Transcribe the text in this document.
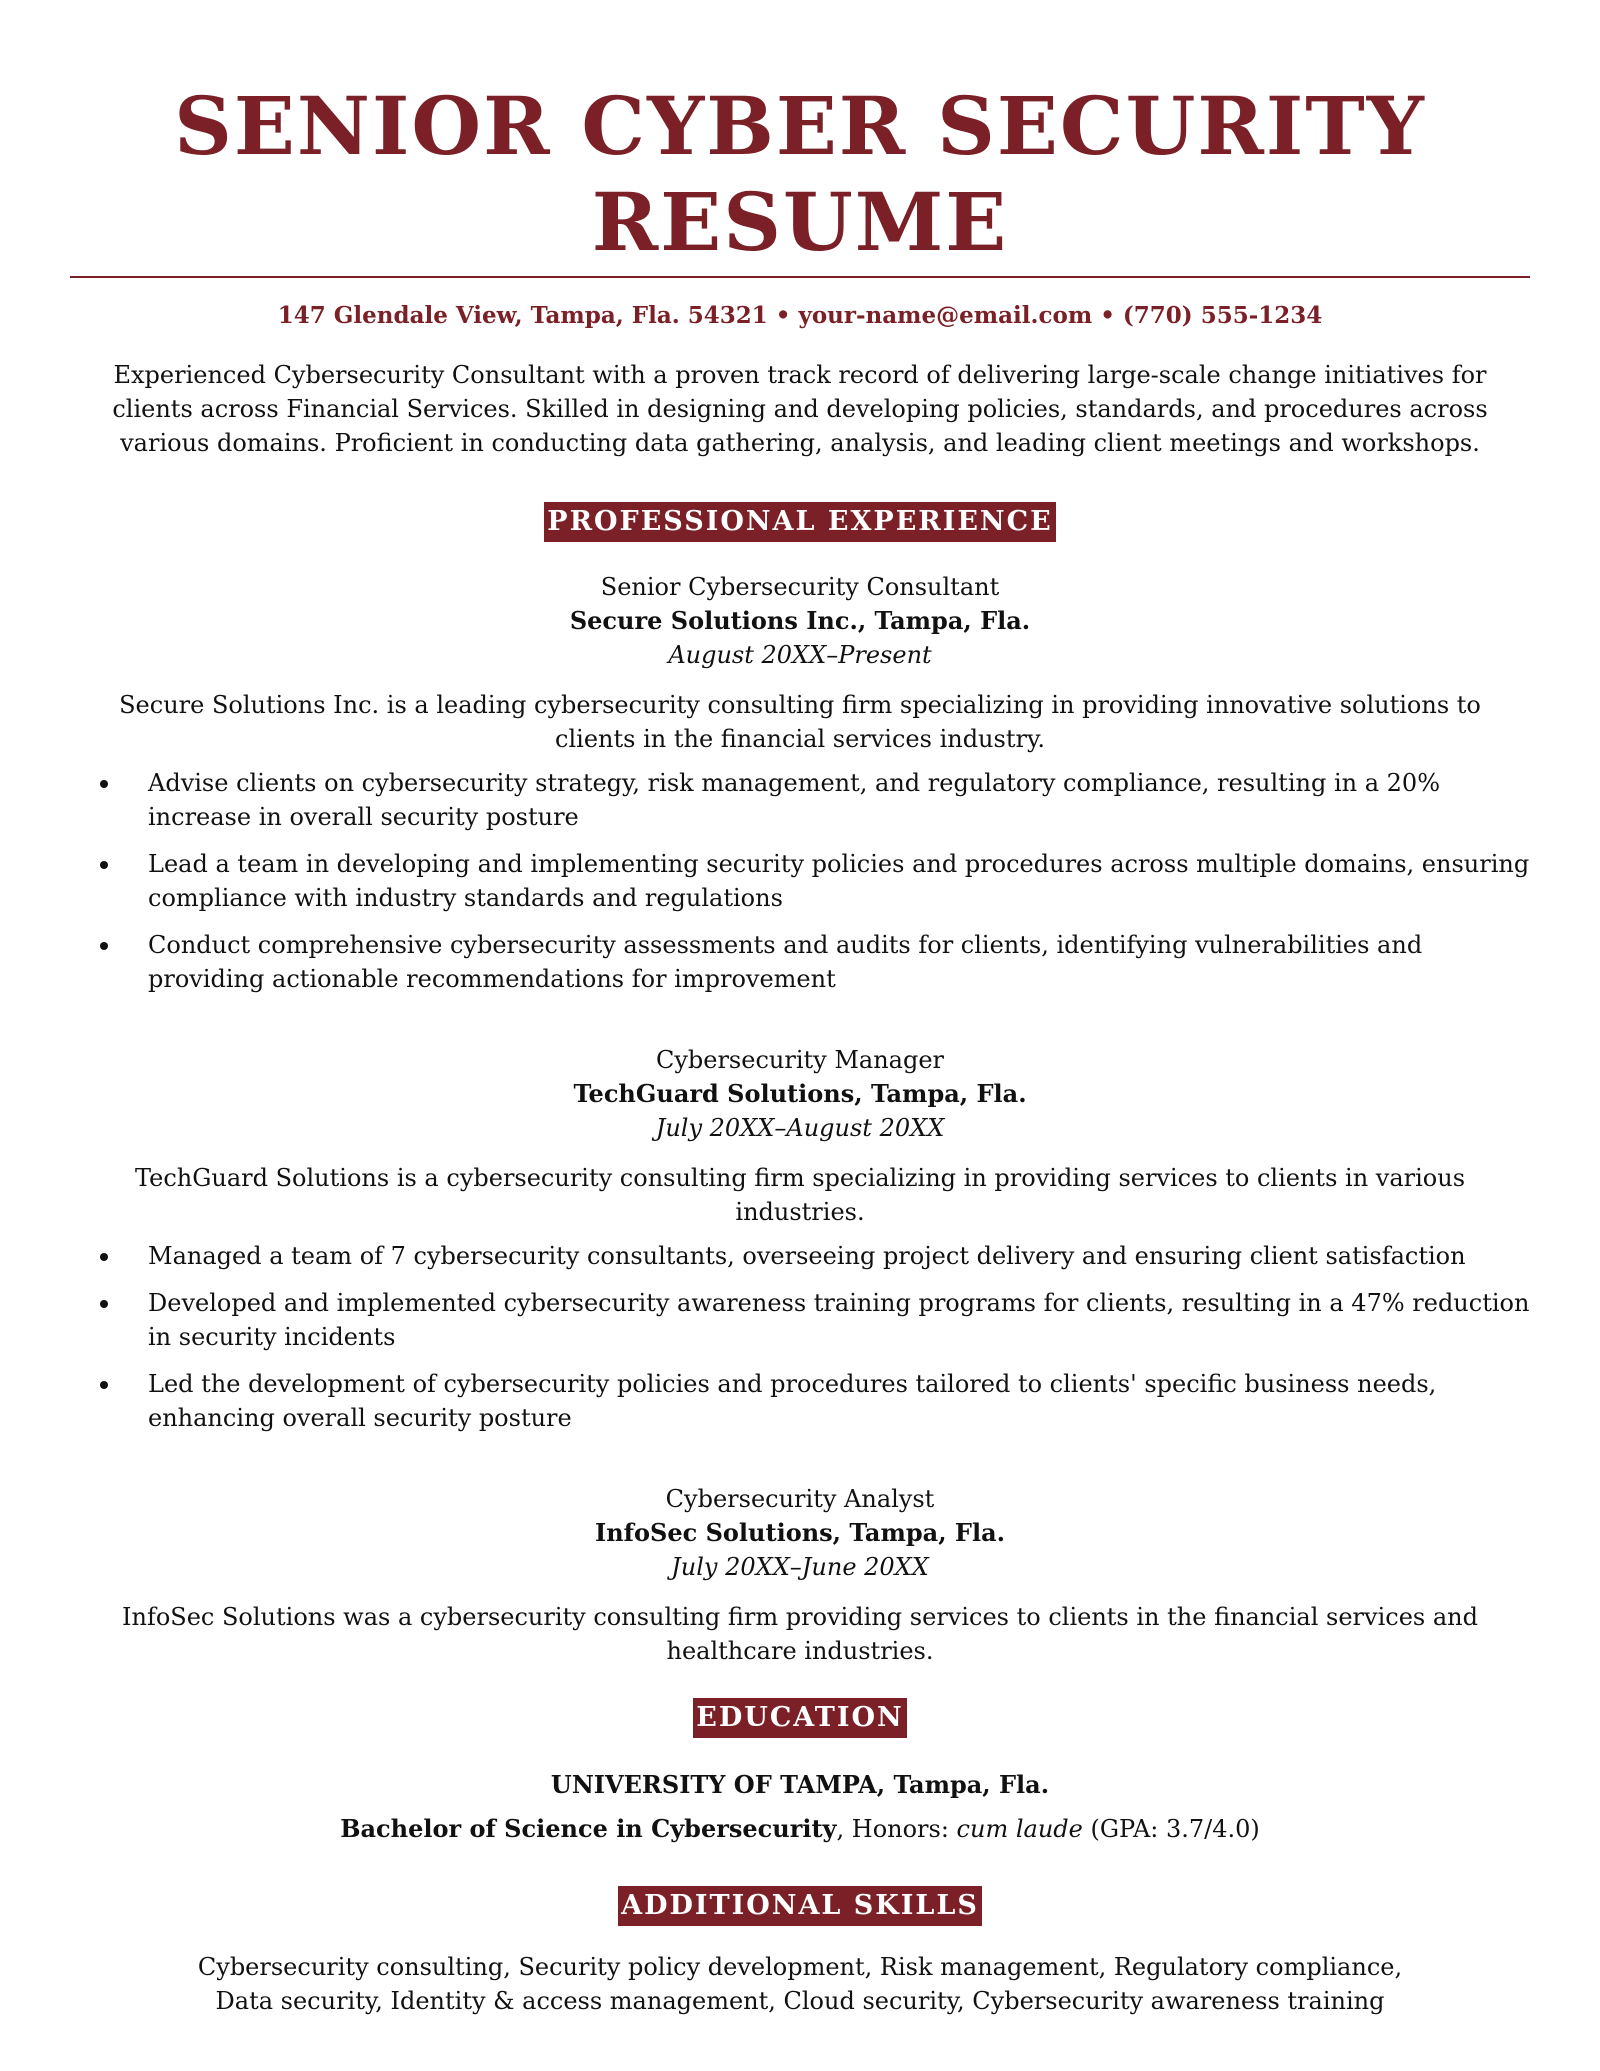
SENIOR CYBER SECURITY RESUME
147 Glendale View, Tampa, Fla. 54321 • your-name@email.com • (770) 555-1234

Experienced Cybersecurity Consultant with a proven track record of delivering large-scale change initiatives for clients across Financial Services. Skilled in designing and developing policies, standards, and procedures across various domains. Proficient in conducting data gathering, analysis, and leading client meetings and workshops.

PROFESSIONAL EXPERIENCE
Senior Cybersecurity Consultant
Secure Solutions Inc., Tampa, Fla.
August 20XX–Present

Secure Solutions Inc. is a leading cybersecurity consulting firm specializing in providing innovative solutions to clients in the financial services industry.

Advise clients on cybersecurity strategy, risk management, and regulatory compliance, resulting in a 20% increase in overall security posture
Lead a team in developing and implementing security policies and procedures across multiple domains, ensuring compliance with industry standards and regulations
Conduct comprehensive cybersecurity assessments and audits for clients, identifying vulnerabilities and providing actionable recommendations for improvement
Cybersecurity Manager
TechGuard Solutions, Tampa, Fla.
July 20XX–August 20XX

TechGuard Solutions is a cybersecurity consulting firm specializing in providing services to clients in various industries.

Managed a team of 7 cybersecurity consultants, overseeing project delivery and ensuring client satisfaction
Developed and implemented cybersecurity awareness training programs for clients, resulting in a 47% reduction in security incidents
Led the development of cybersecurity policies and procedures tailored to clients' specific business needs, enhancing overall security posture
Cybersecurity Analyst
InfoSec Solutions, Tampa, Fla.
July 20XX–June 20XX

InfoSec Solutions was a cybersecurity consulting firm providing services to clients in the financial services and healthcare industries.

EDUCATION
UNIVERSITY OF TAMPA, Tampa, Fla.
Bachelor of Science in Cybersecurity, Honors: cum laude (GPA: 3.7/4.0)
ADDITIONAL SKILLS
Cybersecurity consulting, Security policy development, Risk management, Regulatory compliance,
Data security, Identity & access management, Cloud security, Cybersecurity awareness training
